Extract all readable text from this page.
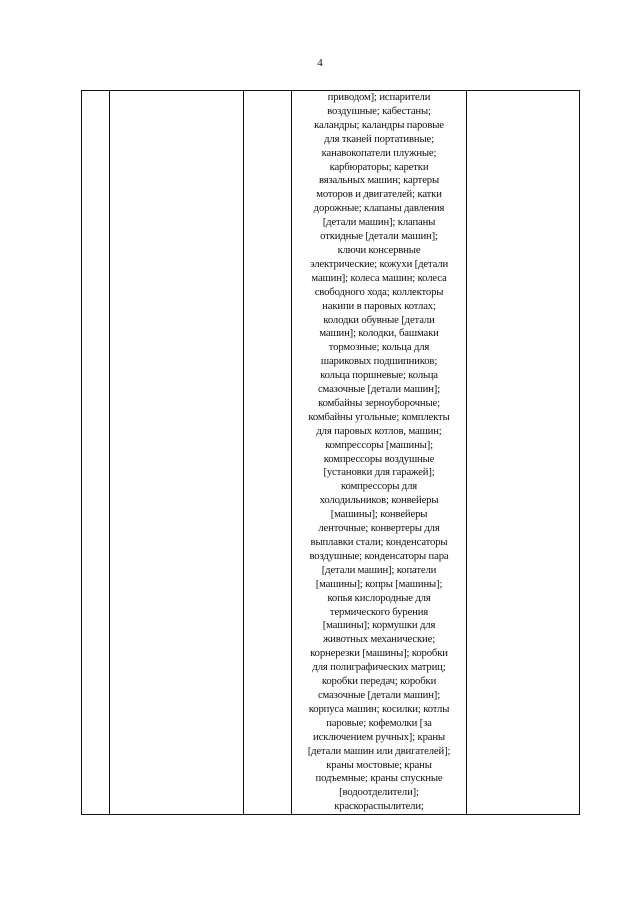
4

приводом]; испарители
воздушные; кабестаны;
каландры; каландры паровые
для тканей портативные;
канавокопатели плужные;
карбюраторы; каретки
вязальных машин; картеры
моторов и двигателей; катки
дорожные; клапаны давления
[детали машин]; клапаны
откидные [детали машин];
ключи консервные
электрические; кожухи [детали
машин]; колеса машин; колеса
свободного хода; коллекторы
накипи в паровых котлах;
колодки обувные [детали
машин]; колодки, башмаки
тормозные; кольца для
шариковых подшипников;
кольца поршневые; кольца
смазочные [детали машин];
комбайны зерноуборочные;
комбайны угольные; комплекты
для паровых котлов, машин;
компрессоры [машины];
компрессоры воздушные
[установки для гаражей];
компрессоры для
холодильников; конвейеры
[машины]; конвейеры
ленточные; конвертеры для
выплавки стали; конденсаторы
воздушные; конденсаторы пара
[детали машин]; копатели
[машины]; копры [машины];
копья кислородные для
термического бурения
[машины]; кормушки для
животных механические;
корнерезки [машины]; коробки
для полиграфических матриц;
коробки передач; коробки
смазочные [детали машин];
корпуса машин; косилки; котлы
паровые; кофемолки [за
исключением ручных]; краны
[детали машин или двигателей];
краны мостовые; краны
подъемные; краны спускные
[водоотделители];
краскораспылители;
